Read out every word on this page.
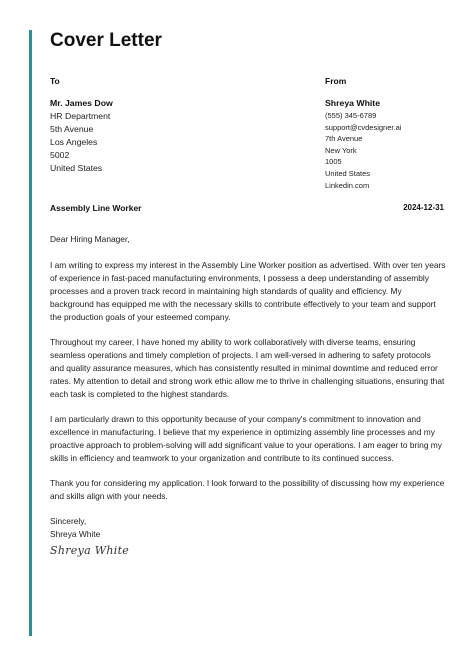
Cover Letter
To	From
Mr. James Dow
HR Department
5th Avenue
Los Angeles
5002
United States
Shreya White
(555) 345-6789
support@cvdesigner.ai
7th Avenue
New York
1005
United States
Linkedin.com
Assembly Line Worker	2024-12-31

Dear Hiring Manager,

I am writing to express my interest in the Assembly Line Worker position as advertised. With over ten years of experience in fast-paced manufacturing environments, I possess a deep understanding of assembly processes and a proven track record in maintaining high standards of quality and efficiency. My background has equipped me with the necessary skills to contribute effectively to your team and support the production goals of your esteemed company.

Throughout my career, I have honed my ability to work collaboratively with diverse teams, ensuring seamless operations and timely completion of projects. I am well-versed in adhering to safety protocols and quality assurance measures, which has consistently resulted in minimal downtime and reduced error rates. My attention to detail and strong work ethic allow me to thrive in challenging situations, ensuring that each task is completed to the highest standards.

I am particularly drawn to this opportunity because of your company's commitment to innovation and excellence in manufacturing. I believe that my experience in optimizing assembly line processes and my proactive approach to problem-solving will add significant value to your operations. I am eager to bring my skills in efficiency and teamwork to your organization and contribute to its continued success.

Thank you for considering my application. I look forward to the possibility of discussing how my experience and skills align with your needs.

Sincerely,
Shreya White
Shreya White
